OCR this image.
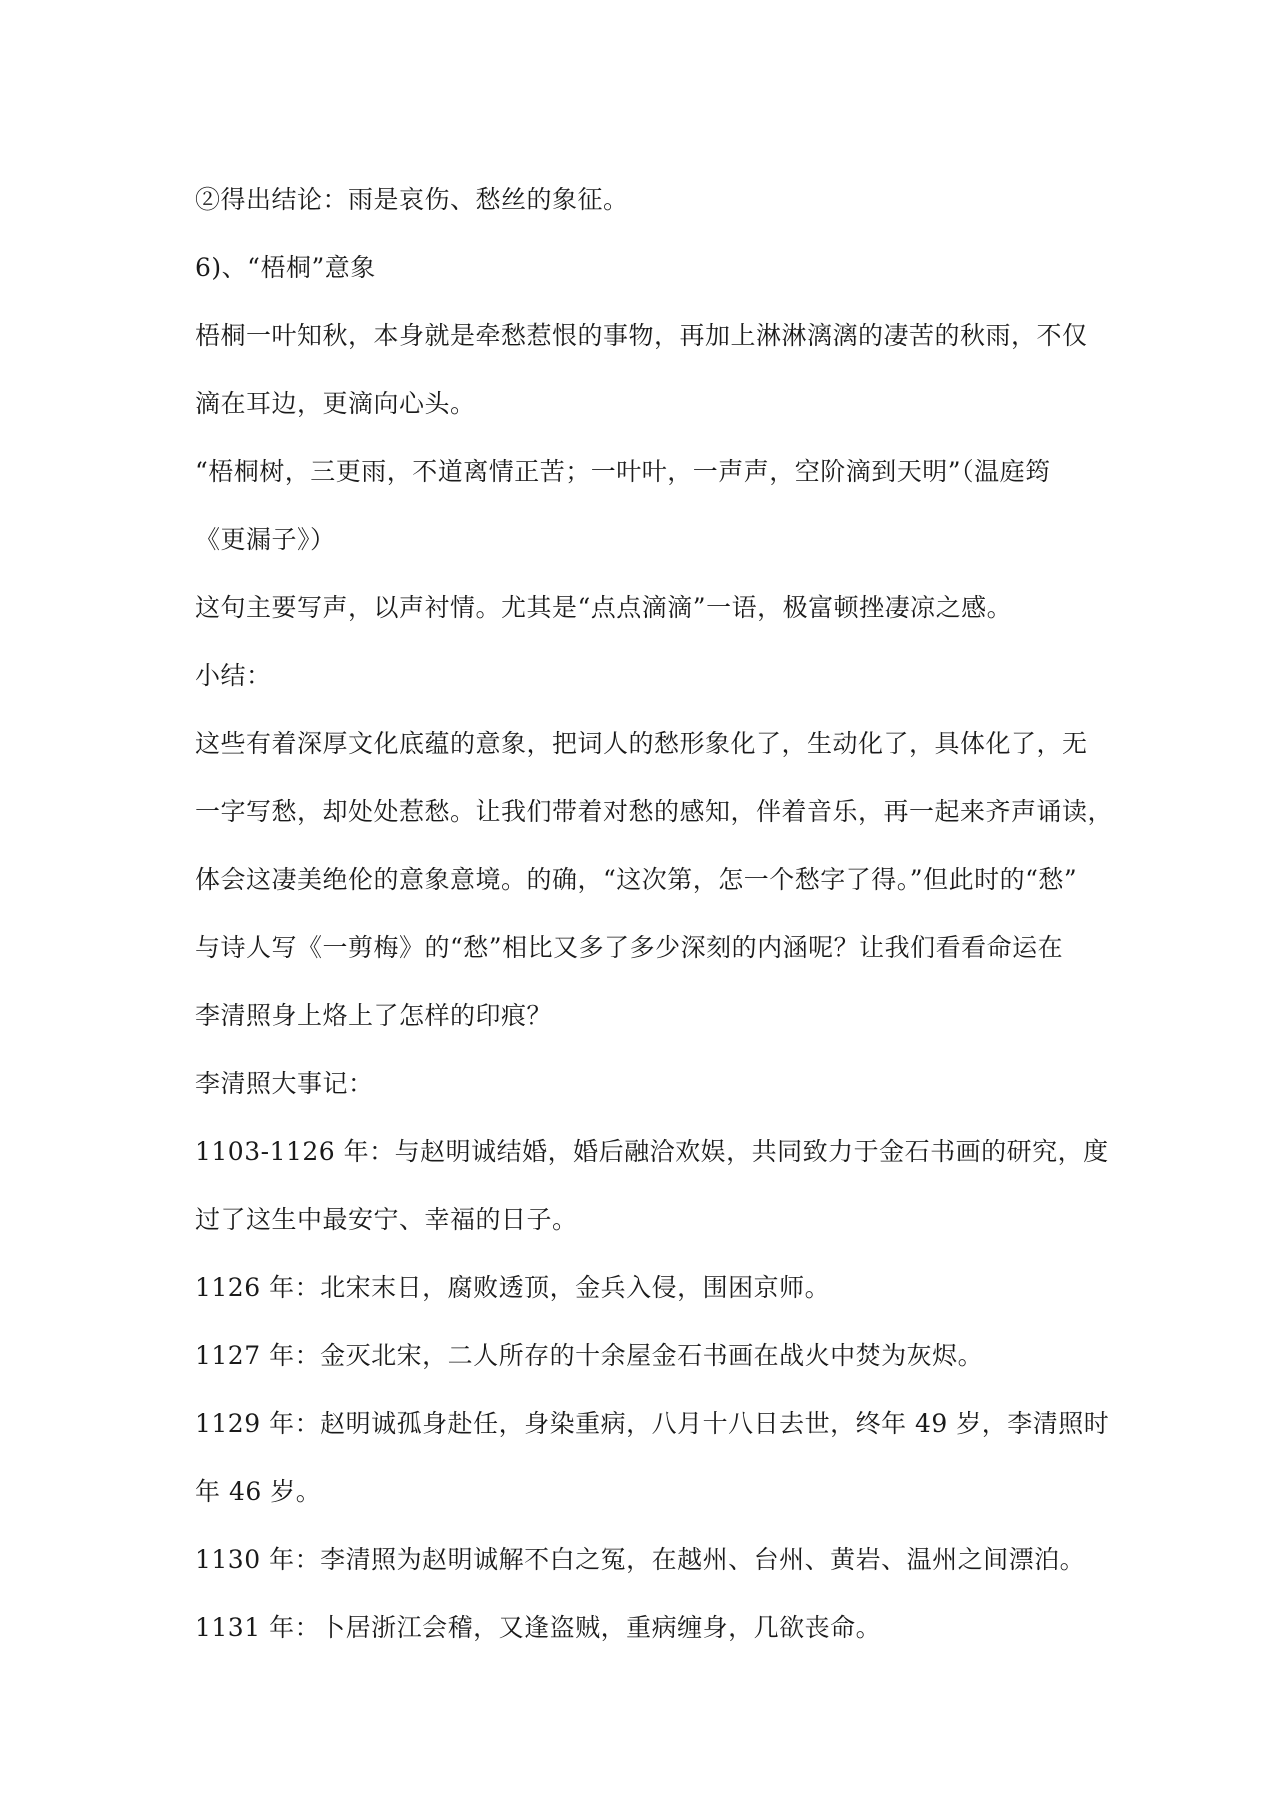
②得出结论：雨是哀伤、愁丝的象征。
6)、“梧桐”意象
梧桐一叶知秋，本身就是牵愁惹恨的事物，再加上淋淋漓漓的凄苦的秋雨，不仅
滴在耳边，更滴向心头。
“梧桐树，三更雨，不道离情正苦；一叶叶，一声声，空阶滴到天明”（温庭筠
《更漏子》）
这句主要写声，以声衬情。尤其是“点点滴滴”一语，极富顿挫凄凉之感。
小结：
这些有着深厚文化底蕴的意象，把词人的愁形象化了，生动化了，具体化了，无
一字写愁，却处处惹愁。让我们带着对愁的感知，伴着音乐，再一起来齐声诵读，
体会这凄美绝伦的意象意境。的确，“这次第，怎一个愁字了得。”但此时的“愁”
与诗人写《一剪梅》的“愁”相比又多了多少深刻的内涵呢？让我们看看命运在
李清照身上烙上了怎样的印痕？
李清照大事记：
1103-1126 年：与赵明诚结婚，婚后融洽欢娱，共同致力于金石书画的研究，度
过了这生中最安宁、幸福的日子。
1126 年：北宋末日，腐败透顶，金兵入侵，围困京师。
1127 年：金灭北宋，二人所存的十余屋金石书画在战火中焚为灰烬。
1129 年：赵明诚孤身赴任，身染重病，八月十八日去世，终年 49 岁，李清照时
年 46 岁。
1130 年：李清照为赵明诚解不白之冤，在越州、台州、黄岩、温州之间漂泊。
1131 年：卜居浙江会稽，又逢盗贼，重病缠身，几欲丧命。
